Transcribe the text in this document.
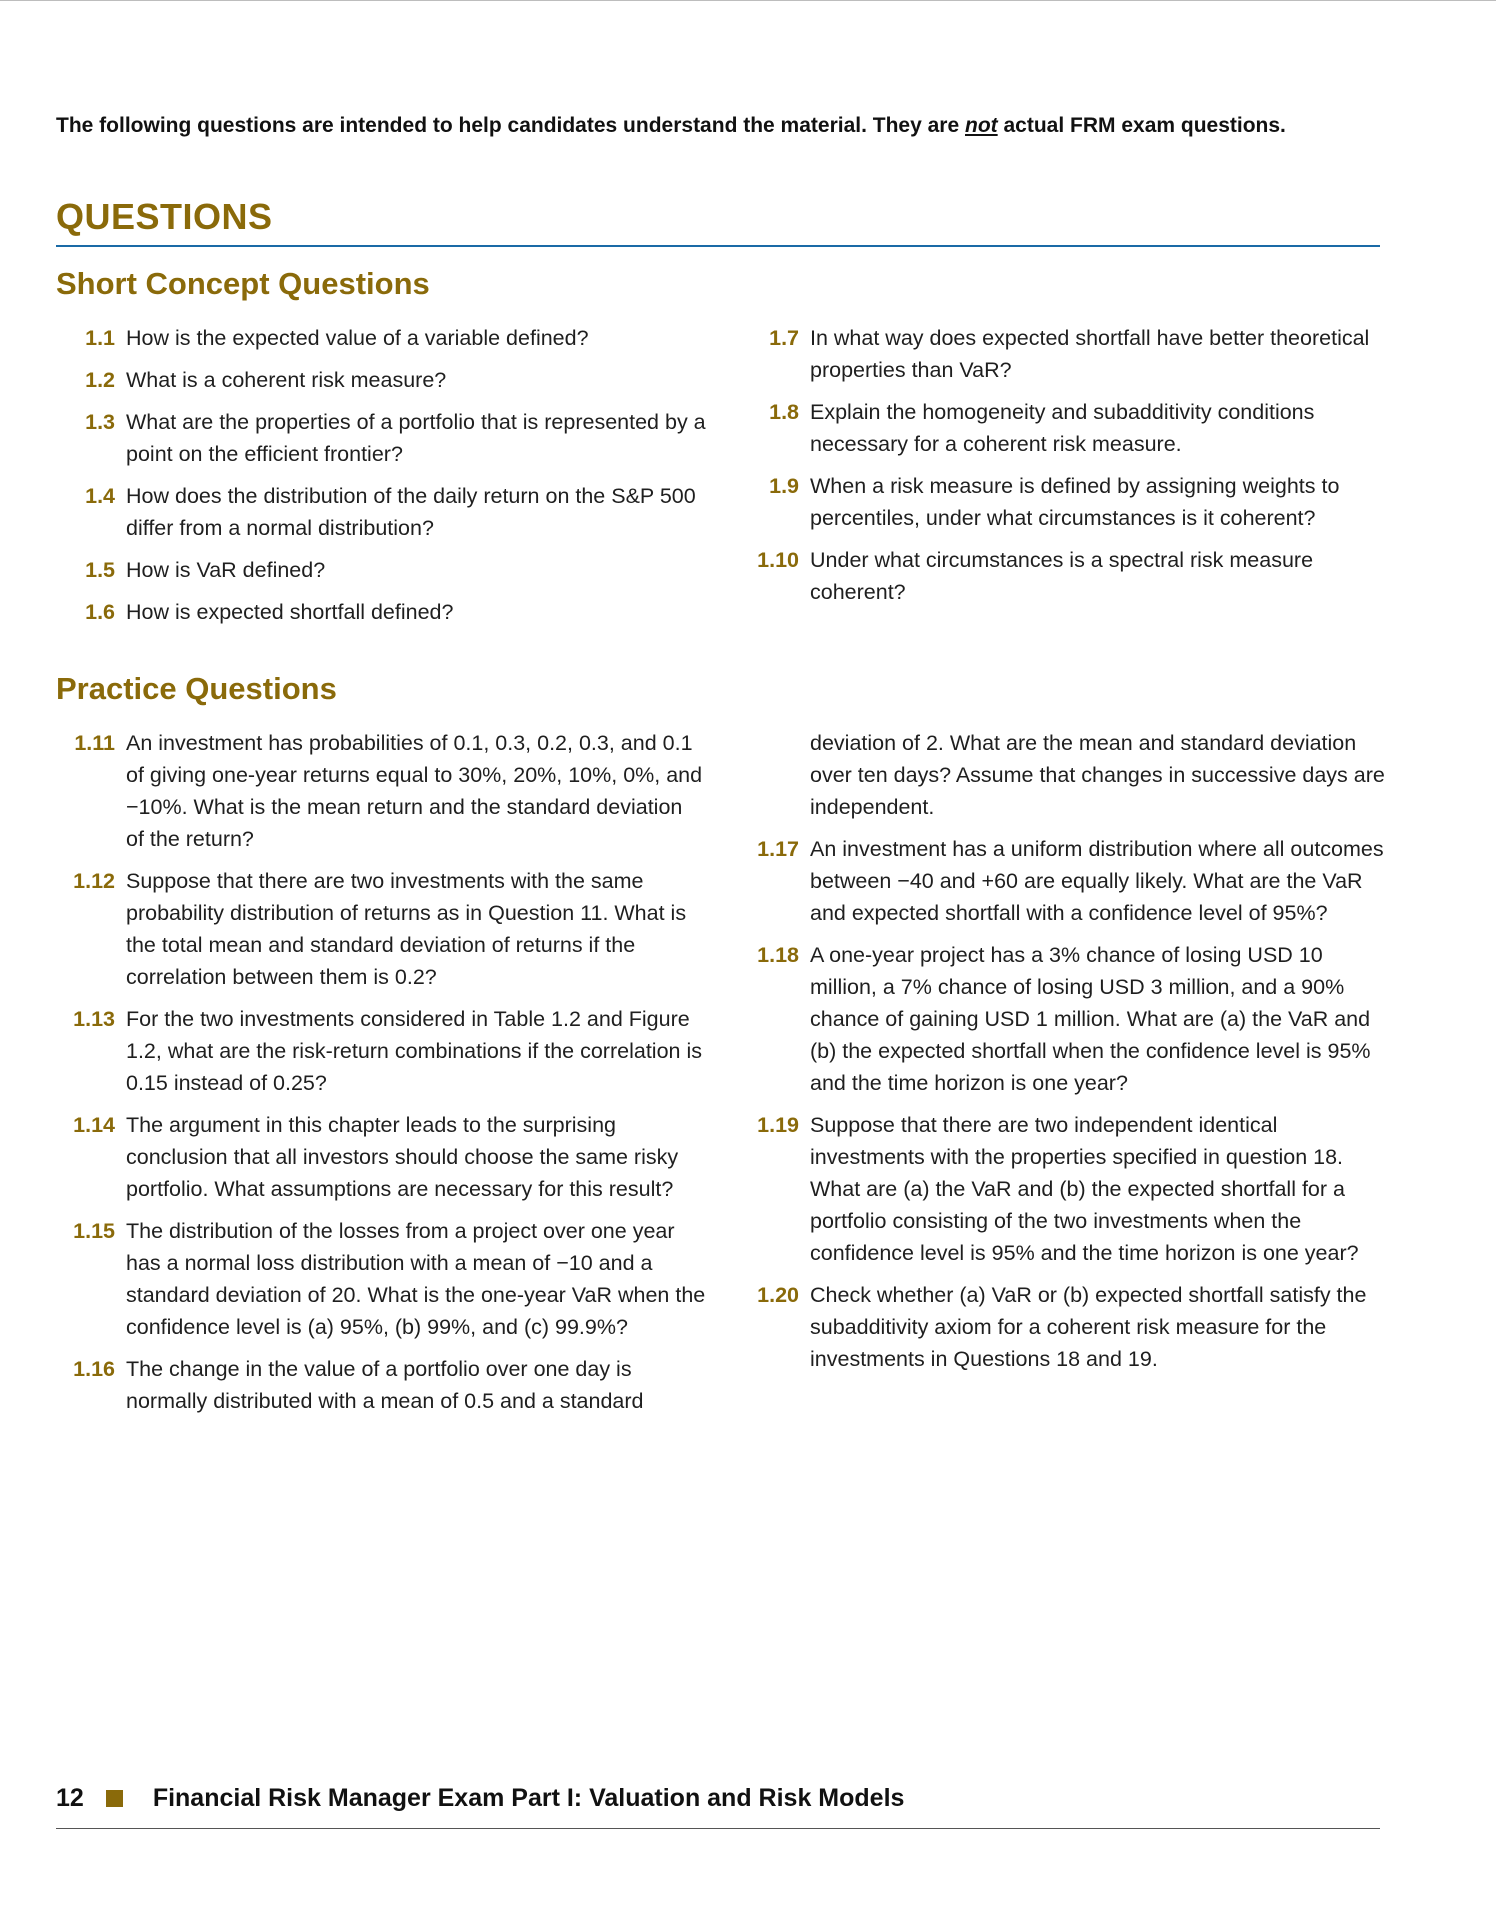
The following questions are intended to help candidates understand the material. They are not actual FRM exam questions.
QUESTIONS
Short Concept Questions
1.1 How is the expected value of a variable defined?
1.2 What is a coherent risk measure?
1.3 What are the properties of a portfolio that is represented by a point on the efficient frontier?
1.4 How does the distribution of the daily return on the S&P 500 differ from a normal distribution?
1.5 How is VaR defined?
1.6 How is expected shortfall defined?
1.7 In what way does expected shortfall have better theoretical properties than VaR?
1.8 Explain the homogeneity and subadditivity conditions necessary for a coherent risk measure.
1.9 When a risk measure is defined by assigning weights to percentiles, under what circumstances is it coherent?
1.10 Under what circumstances is a spectral risk measure coherent?
Practice Questions
1.11 An investment has probabilities of 0.1, 0.3, 0.2, 0.3, and 0.1 of giving one-year returns equal to 30%, 20%, 10%, 0%, and −10%. What is the mean return and the standard deviation of the return?
1.12 Suppose that there are two investments with the same probability distribution of returns as in Question 11. What is the total mean and standard deviation of returns if the correlation between them is 0.2?
1.13 For the two investments considered in Table 1.2 and Figure 1.2, what are the risk-return combinations if the correlation is 0.15 instead of 0.25?
1.14 The argument in this chapter leads to the surprising conclusion that all investors should choose the same risky portfolio. What assumptions are necessary for this result?
1.15 The distribution of the losses from a project over one year has a normal loss distribution with a mean of −10 and a standard deviation of 20. What is the one-year VaR when the confidence level is (a) 95%, (b) 99%, and (c) 99.9%?
1.16 The change in the value of a portfolio over one day is normally distributed with a mean of 0.5 and a standard
deviation of 2. What are the mean and standard deviation over ten days? Assume that changes in successive days are independent.
1.17 An investment has a uniform distribution where all outcomes between −40 and +60 are equally likely. What are the VaR and expected shortfall with a confidence level of 95%?
1.18 A one-year project has a 3% chance of losing USD 10 million, a 7% chance of losing USD 3 million, and a 90% chance of gaining USD 1 million. What are (a) the VaR and (b) the expected shortfall when the confidence level is 95% and the time horizon is one year?
1.19 Suppose that there are two independent identical investments with the properties specified in question 18. What are (a) the VaR and (b) the expected shortfall for a portfolio consisting of the two investments when the confidence level is 95% and the time horizon is one year?
1.20 Check whether (a) VaR or (b) expected shortfall satisfy the subadditivity axiom for a coherent risk measure for the investments in Questions 18 and 19.
12	Financial Risk Manager Exam Part I: Valuation and Risk Models
